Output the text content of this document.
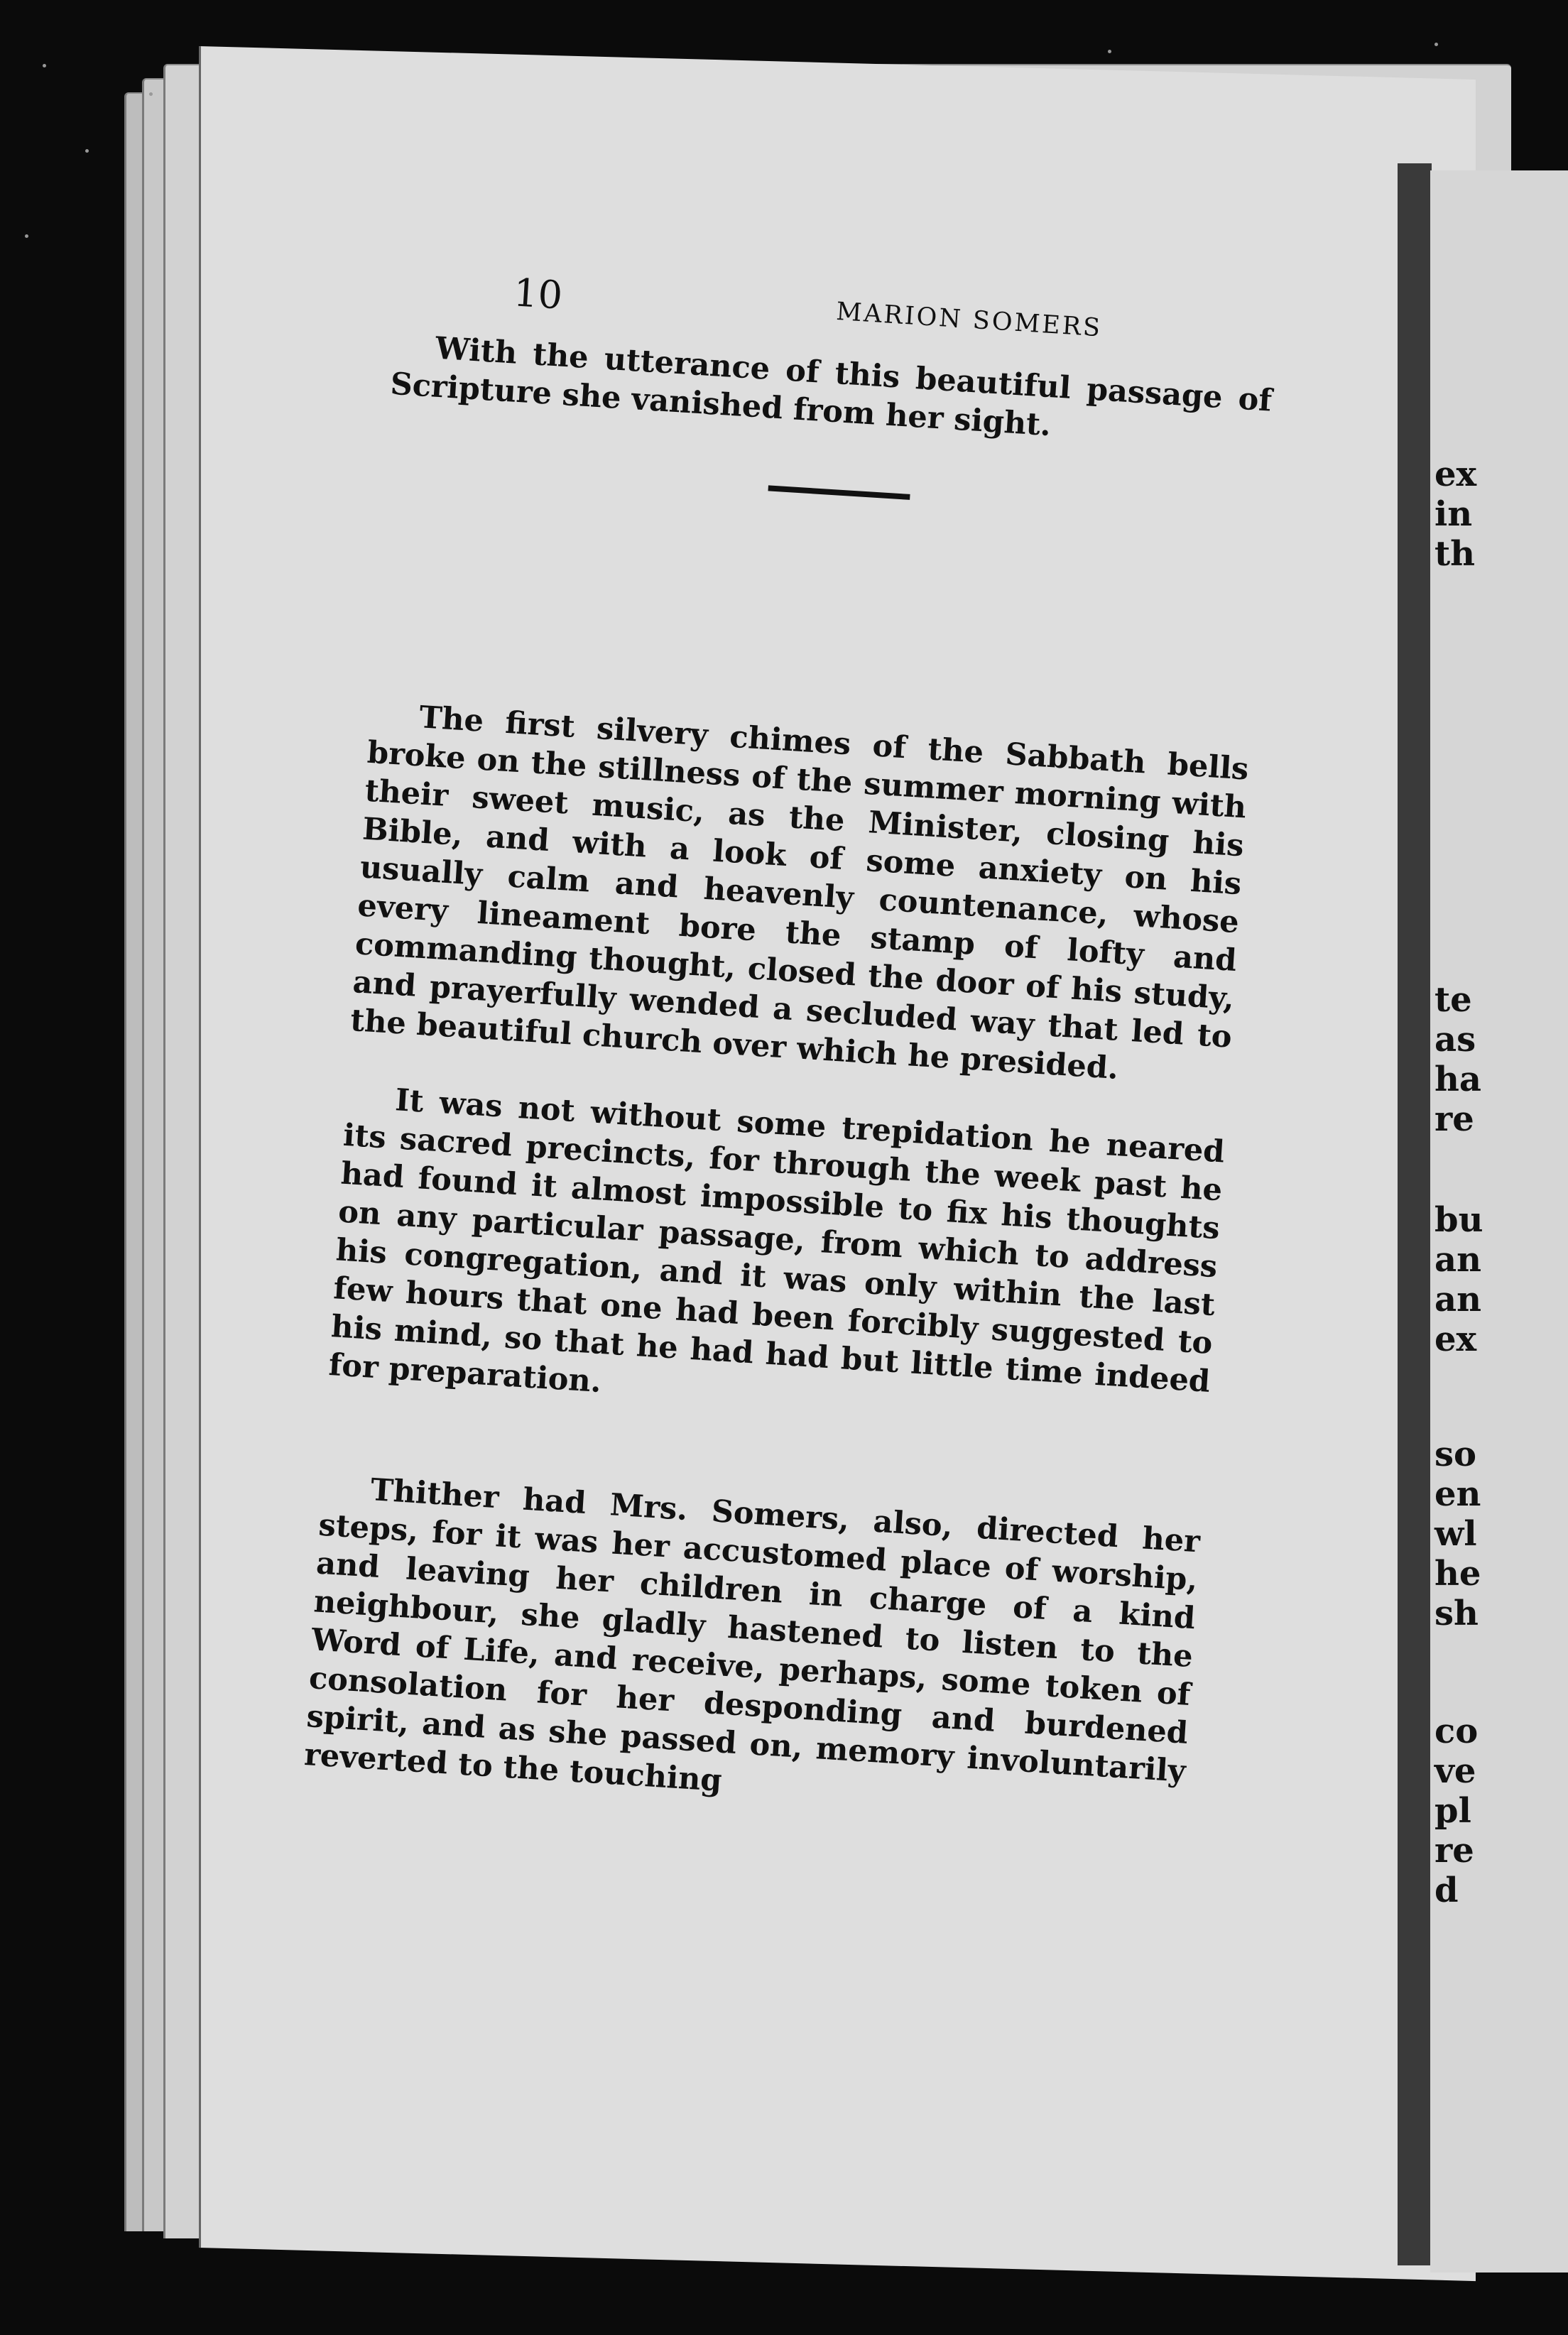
10
MARION SOMERS
With the utterance of this beautiful passage of Scripture she vanished from her sight.
The first silvery chimes of the Sabbath bells broke on the stillness of the summer morning with their sweet music, as the Minister, closing his Bible, and with a look of some anxiety on his usually calm and heavenly countenance, whose every lineament bore the stamp of lofty and commanding thought, closed the door of his study, and prayerfully wended a secluded way that led to the beautiful church over which he presided.
It was not without some trepidation he neared its sacred precincts, for through the week past he had found it almost impossible to fix his thoughts on any particular passage, from which to address his congregation, and it was only within the last few hours that one had been forcibly suggested to his mind, so that he had had but little time indeed for preparation.
Thither had Mrs. Somers, also, directed her steps, for it was her accustomed place of worship, and leaving her children in charge of a kind neighbour, she gladly hastened to listen to the Word of Life, and receive, perhaps, some token of consolation for her desponding and burdened spirit, and as she passed on, memory involuntarily reverted to the touching
ex
in
th
te
as
ha
re
bu
an
an
ex
so
en
wl
he
sh
co
ve
pl
re
d
